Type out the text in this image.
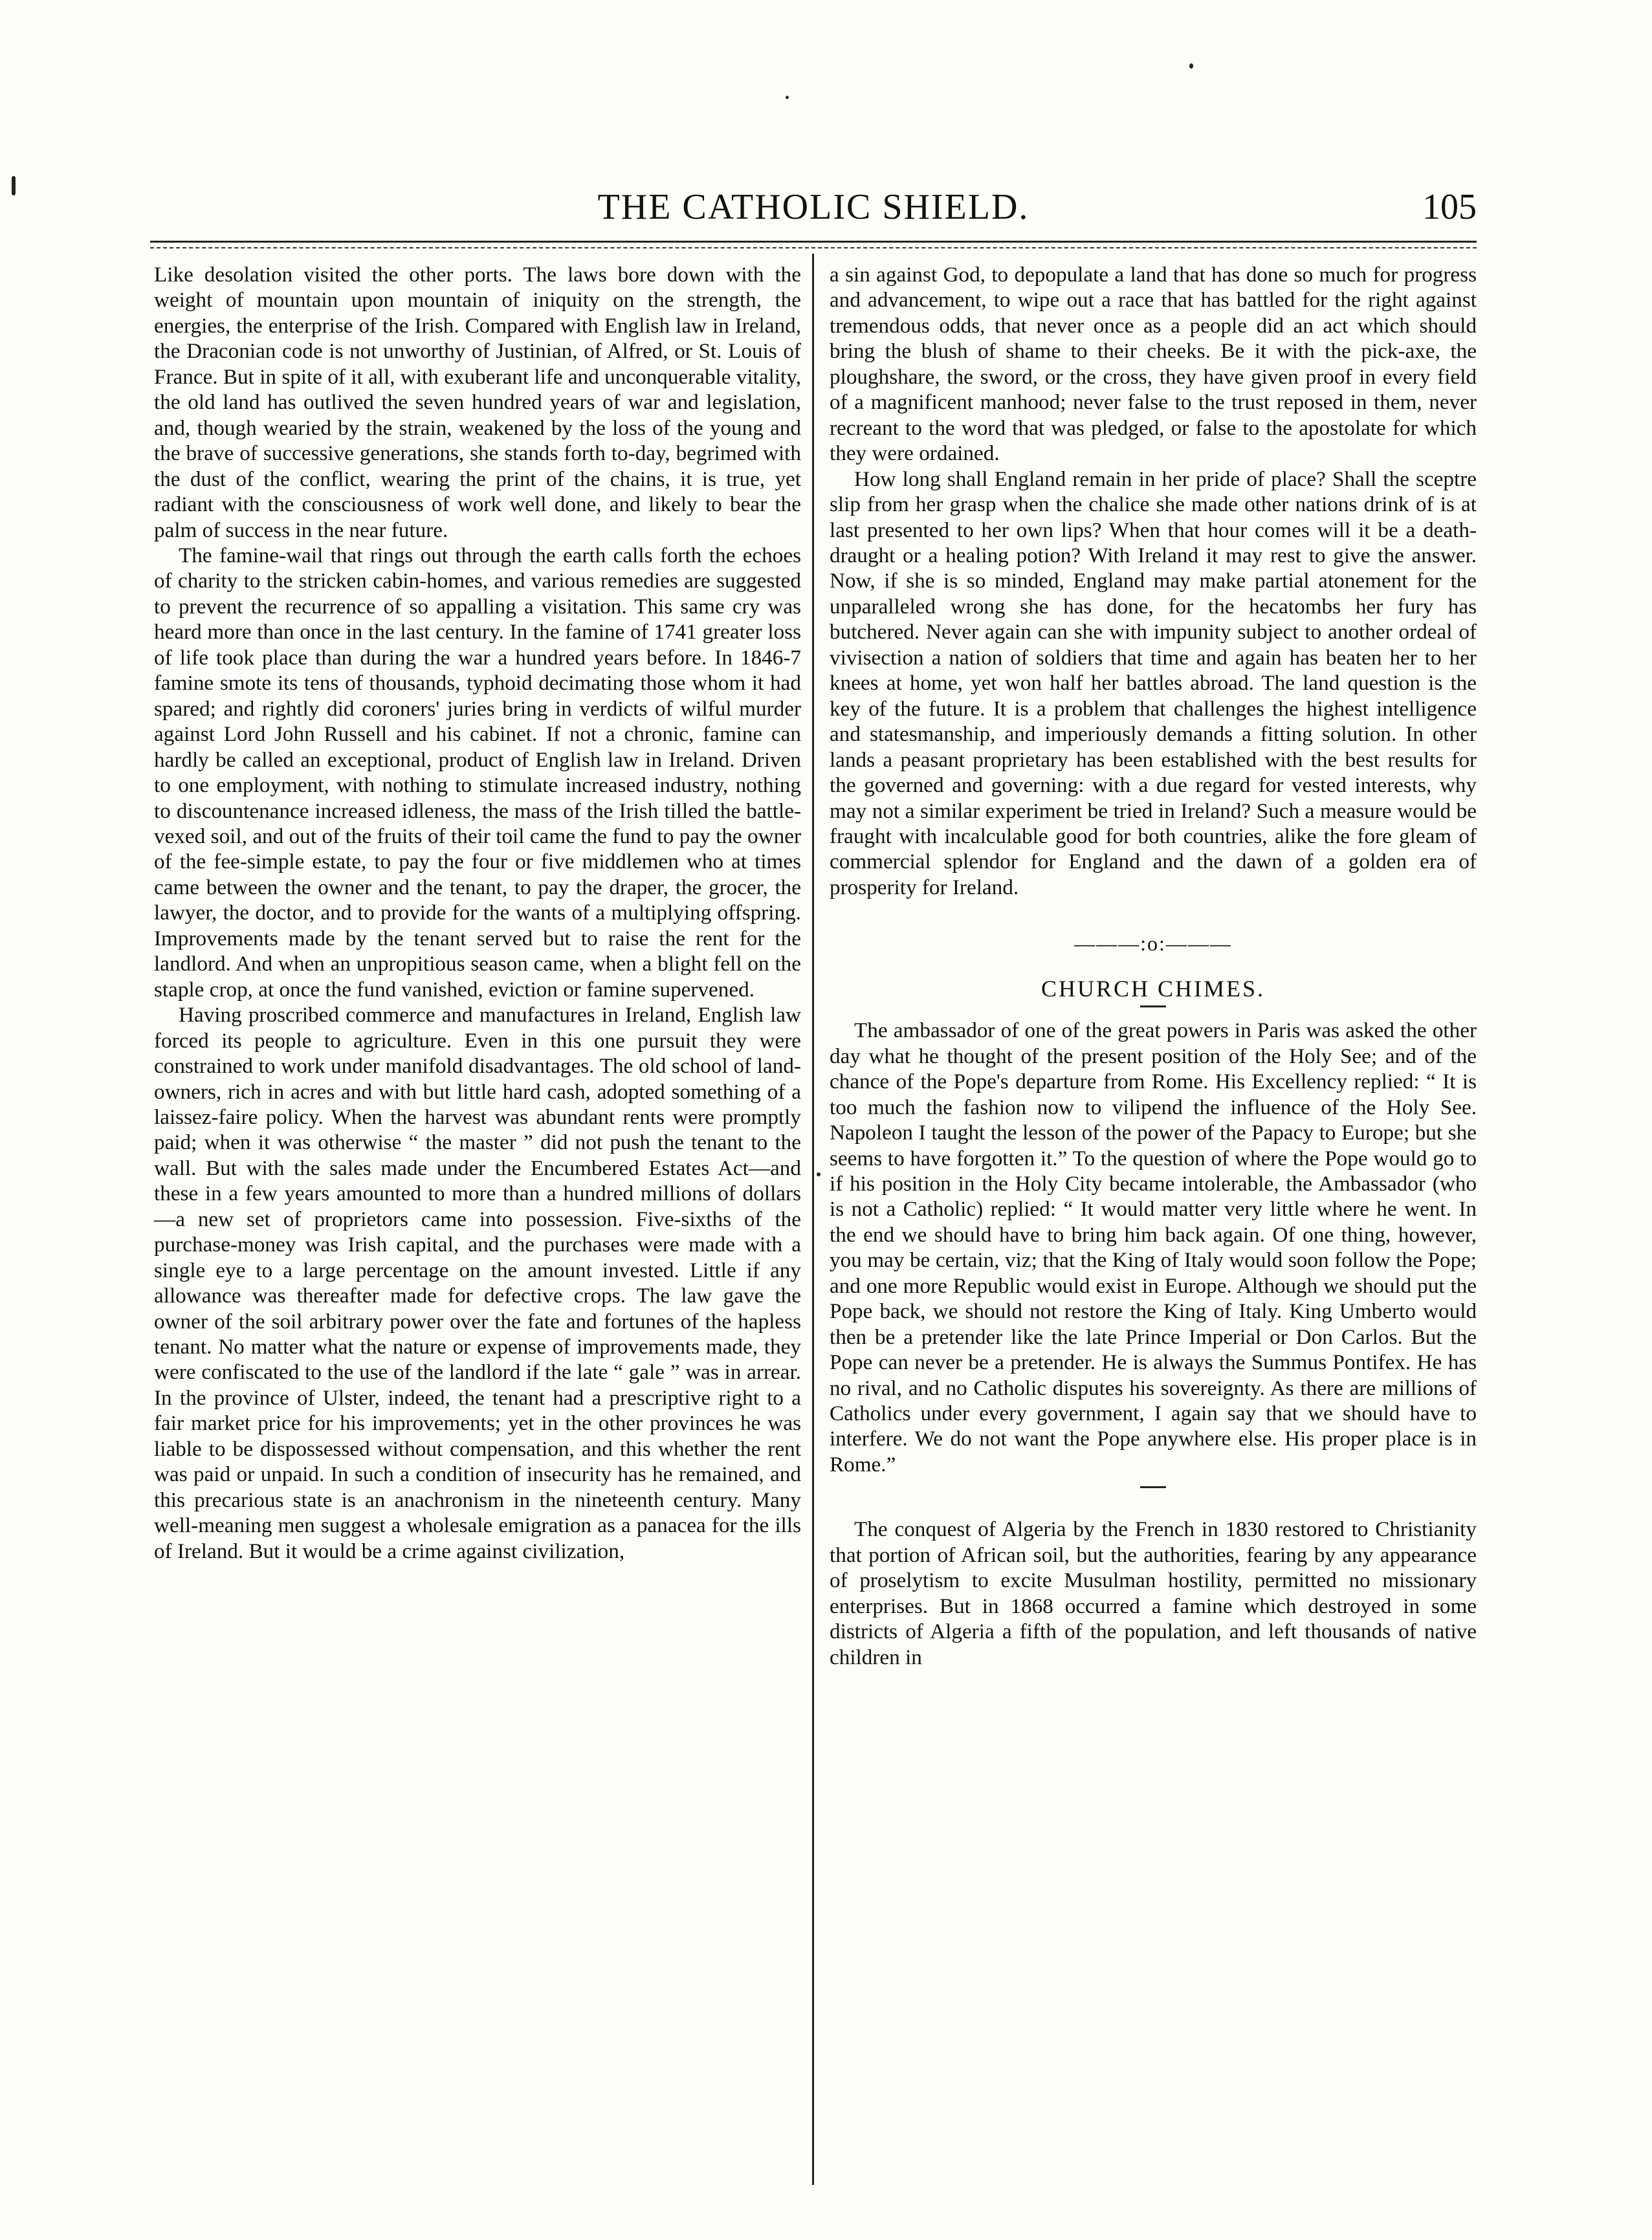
THE CATHOLIC SHIELD.	105

Like desolation visited the other ports. The laws bore down with the weight of mountain upon mountain of iniquity on the strength, the energies, the enterprise of the Irish. Compared with English law in Ireland, the Draconian code is not unworthy of Justinian, of Alfred, or St. Louis of France. But in spite of it all, with exuberant life and unconquerable vitality, the old land has outlived the seven hundred years of war and legislation, and, though wearied by the strain, weakened by the loss of the young and the brave of successive generations, she stands forth to-day, begrimed with the dust of the conflict, wearing the print of the chains, it is true, yet radiant with the consciousness of work well done, and likely to bear the palm of success in the near future.

The famine-wail that rings out through the earth calls forth the echoes of charity to the stricken cabin-homes, and various remedies are suggested to prevent the recurrence of so appalling a visitation. This same cry was heard more than once in the last century. In the famine of 1741 greater loss of life took place than during the war a hundred years before. In 1846-7 famine smote its tens of thousands, typhoid decimating those whom it had spared; and rightly did coroners' juries bring in verdicts of wilful murder against Lord John Russell and his cabinet. If not a chronic, famine can hardly be called an exceptional, product of English law in Ireland. Driven to one employment, with nothing to stimulate increased industry, nothing to discountenance increased idleness, the mass of the Irish tilled the battle-vexed soil, and out of the fruits of their toil came the fund to pay the owner of the fee-simple estate, to pay the four or five middlemen who at times came between the owner and the tenant, to pay the draper, the grocer, the lawyer, the doctor, and to provide for the wants of a multiplying offspring. Improvements made by the tenant served but to raise the rent for the landlord. And when an unpropitious season came, when a blight fell on the staple crop, at once the fund vanished, eviction or famine supervened.

Having proscribed commerce and manufactures in Ireland, English law forced its people to agriculture. Even in this one pursuit they were constrained to work under manifold disadvantages. The old school of land-owners, rich in acres and with but little hard cash, adopted something of a laissez-faire policy. When the harvest was abundant rents were promptly paid; when it was otherwise “ the master ” did not push the tenant to the wall. But with the sales made under the Encumbered Estates Act—and these in a few years amounted to more than a hundred millions of dollars—a new set of proprietors came into possession. Five-sixths of the purchase-money was Irish capital, and the purchases were made with a single eye to a large percentage on the amount invested. Little if any allowance was thereafter made for defective crops. The law gave the owner of the soil arbitrary power over the fate and fortunes of the hapless tenant. No matter what the nature or expense of improvements made, they were confiscated to the use of the landlord if the late “ gale ” was in arrear. In the province of Ulster, indeed, the tenant had a prescriptive right to a fair market price for his improvements; yet in the other provinces he was liable to be dispossessed without compensation, and this whether the rent was paid or unpaid. In such a condition of insecurity has he remained, and this precarious state is an anachronism in the nineteenth century. Many well-meaning men suggest a wholesale emigration as a panacea for the ills of Ireland. But it would be a crime against civilization,

a sin against God, to depopulate a land that has done so much for progress and advancement, to wipe out a race that has battled for the right against tremendous odds, that never once as a people did an act which should bring the blush of shame to their cheeks. Be it with the pick-axe, the ploughshare, the sword, or the cross, they have given proof in every field of a magnificent manhood; never false to the trust reposed in them, never recreant to the word that was pledged, or false to the apostolate for which they were ordained.

How long shall England remain in her pride of place? Shall the sceptre slip from her grasp when the chalice she made other nations drink of is at last presented to her own lips? When that hour comes will it be a death-draught or a healing potion? With Ireland it may rest to give the answer. Now, if she is so minded, England may make partial atonement for the unparalleled wrong she has done, for the hecatombs her fury has butchered. Never again can she with impunity subject to another ordeal of vivisection a nation of soldiers that time and again has beaten her to her knees at home, yet won half her battles abroad. The land question is the key of the future. It is a problem that challenges the highest intelligence and statesmanship, and imperiously demands a fitting solution. In other lands a peasant proprietary has been established with the best results for the governed and governing: with a due regard for vested interests, why may not a similar experiment be tried in Ireland? Such a measure would be fraught with incalculable good for both countries, alike the fore gleam of commercial splendor for England and the dawn of a golden era of prosperity for Ireland.

———:o:———
CHURCH CHIMES.

The ambassador of one of the great powers in Paris was asked the other day what he thought of the present position of the Holy See; and of the chance of the Pope's departure from Rome. His Excellency replied: “ It is too much the fashion now to vilipend the influence of the Holy See. Napoleon I taught the lesson of the power of the Papacy to Europe; but she seems to have forgotten it.” To the question of where the Pope would go to if his position in the Holy City became intolerable, the Ambassador (who is not a Catholic) replied: “ It would matter very little where he went. In the end we should have to bring him back again. Of one thing, however, you may be certain, viz; that the King of Italy would soon follow the Pope; and one more Republic would exist in Europe. Although we should put the Pope back, we should not restore the King of Italy. King Umberto would then be a pretender like the late Prince Imperial or Don Carlos. But the Pope can never be a pretender. He is always the Summus Pontifex. He has no rival, and no Catholic disputes his sovereignty. As there are millions of Catholics under every government, I again say that we should have to interfere. We do not want the Pope anywhere else. His proper place is in Rome.”

The conquest of Algeria by the French in 1830 restored to Christianity that portion of African soil, but the authorities, fearing by any appearance of proselytism to excite Musulman hostility, permitted no missionary enterprises. But in 1868 occurred a famine which destroyed in some districts of Algeria a fifth of the population, and left thousands of native children in
